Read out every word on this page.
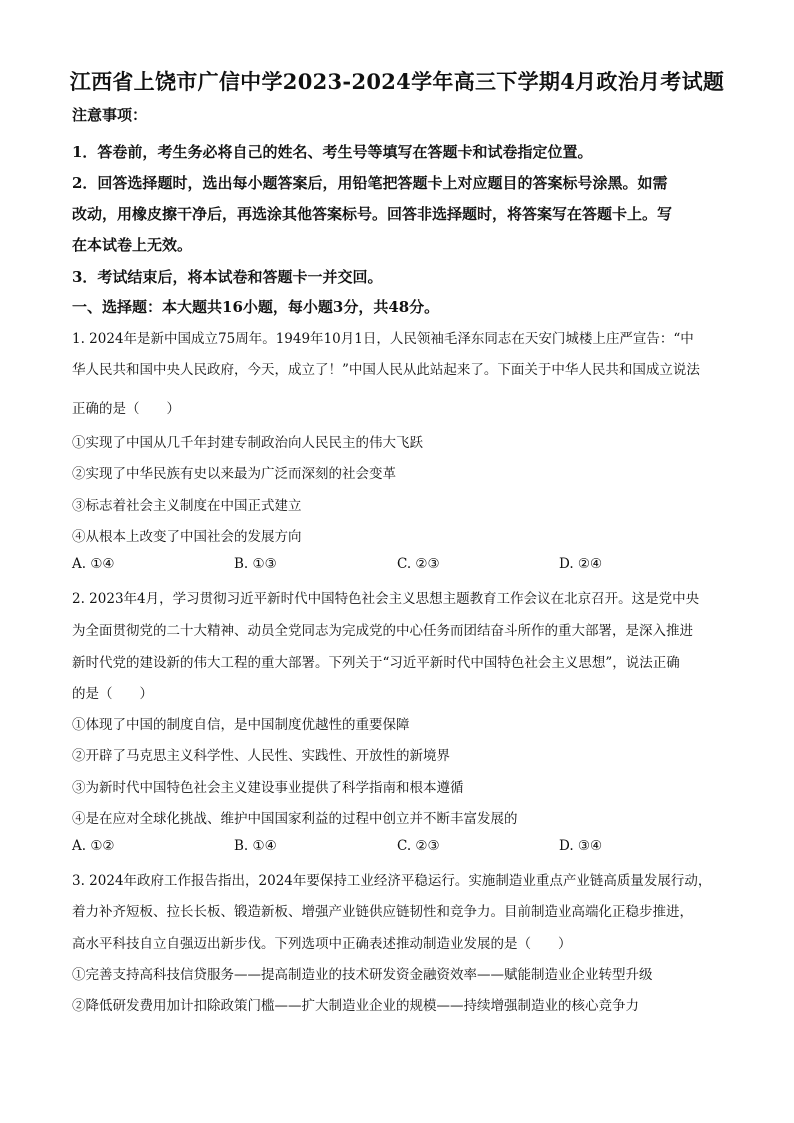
江西省上饶市广信中学2023-2024学年高三下学期4月政治月考试题
注意事项：
1．答卷前，考生务必将自己的姓名、考生号等填写在答题卡和试卷指定位置。
2．回答选择题时，选出每小题答案后，用铅笔把答题卡上对应题目的答案标号涂黑。如需
改动，用橡皮擦干净后，再选涂其他答案标号。回答非选择题时，将答案写在答题卡上。写
在本试卷上无效。
3．考试结束后，将本试卷和答题卡一并交回。
一、选择题：本大题共16小题，每小题3分，共48分。
1. 2024年是新中国成立75周年。1949年10月1日，人民领袖毛泽东同志在天安门城楼上庄严宣告：“中
华人民共和国中央人民政府，今天，成立了！”中国人民从此站起来了。下面关于中华人民共和国成立说法
正确的是（　　）
①实现了中国从几千年封建专制政治向人民民主的伟大飞跃
②实现了中华民族有史以来最为广泛而深刻的社会变革
③标志着社会主义制度在中国正式建立
④从根本上改变了中国社会的发展方向
A. ①④	B. ①③	C. ②③	D. ②④
2. 2023年4月，学习贯彻习近平新时代中国特色社会主义思想主题教育工作会议在北京召开。这是党中央
为全面贯彻党的二十大精神、动员全党同志为完成党的中心任务而团结奋斗所作的重大部署，是深入推进
新时代党的建设新的伟大工程的重大部署。下列关于“习近平新时代中国特色社会主义思想”，说法正确
的是（　　）
①体现了中国的制度自信，是中国制度优越性的重要保障
②开辟了马克思主义科学性、人民性、实践性、开放性的新境界
③为新时代中国特色社会主义建设事业提供了科学指南和根本遵循
④是在应对全球化挑战、维护中国国家利益的过程中创立并不断丰富发展的
A. ①②	B. ①④	C. ②③	D. ③④
3. 2024年政府工作报告指出，2024年要保持工业经济平稳运行。实施制造业重点产业链高质量发展行动，
着力补齐短板、拉长长板、锻造新板、增强产业链供应链韧性和竞争力。目前制造业高端化正稳步推进，
高水平科技自立自强迈出新步伐。下列选项中正确表述推动制造业发展的是（　　）
①完善支持高科技信贷服务——提高制造业的技术研发资金融资效率——赋能制造业企业转型升级
②降低研发费用加计扣除政策门槛——扩大制造业企业的规模——持续增强制造业的核心竞争力
